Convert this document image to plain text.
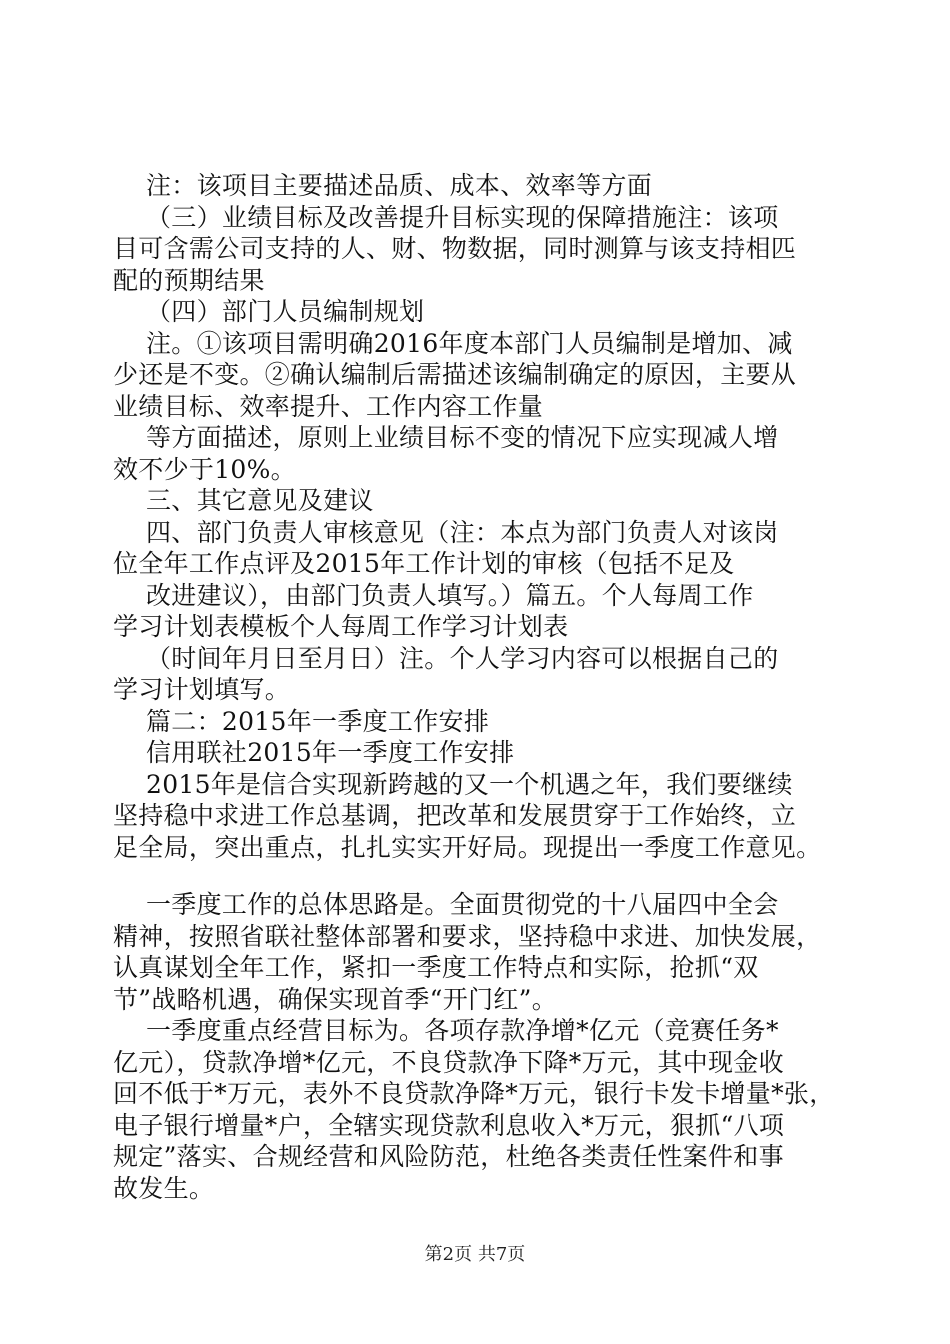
注：该项目主要描述品质、成本、效率等方面
（三）业绩目标及改善提升目标实现的保障措施注：该项
目可含需公司支持的人、财、物数据，同时测算与该支持相匹
配的预期结果
（四）部门人员编制规划
注。①该项目需明确2016年度本部门人员编制是增加、减
少还是不变。②确认编制后需描述该编制确定的原因，主要从
业绩目标、效率提升、工作内容工作量
等方面描述，原则上业绩目标不变的情况下应实现减人增
效不少于10%。
三、其它意见及建议
四、部门负责人审核意见（注：本点为部门负责人对该岗
位全年工作点评及2015年工作计划的审核（包括不足及
改进建议），由部门负责人填写。）篇五。个人每周工作
学习计划表模板个人每周工作学习计划表
（时间年月日至月日）注。个人学习内容可以根据自己的
学习计划填写。
篇二：2015年一季度工作安排
信用联社2015年一季度工作安排
2015年是信合实现新跨越的又一个机遇之年，我们要继续
坚持稳中求进工作总基调，把改革和发展贯穿于工作始终，立
足全局，突出重点，扎扎实实开好局。现提出一季度工作意见。
一季度工作的总体思路是。全面贯彻党的十八届四中全会
精神，按照省联社整体部署和要求，坚持稳中求进、加快发展，
认真谋划全年工作，紧扣一季度工作特点和实际，抢抓“双
节”战略机遇，确保实现首季“开门红”。
一季度重点经营目标为。各项存款净增*亿元（竞赛任务*
亿元），贷款净增*亿元，不良贷款净下降*万元，其中现金收
回不低于*万元，表外不良贷款净降*万元，银行卡发卡增量*张，
电子银行增量*户，全辖实现贷款利息收入*万元，狠抓“八项
规定”落实、合规经营和风险防范，杜绝各类责任性案件和事
故发生。
第2页 共7页
